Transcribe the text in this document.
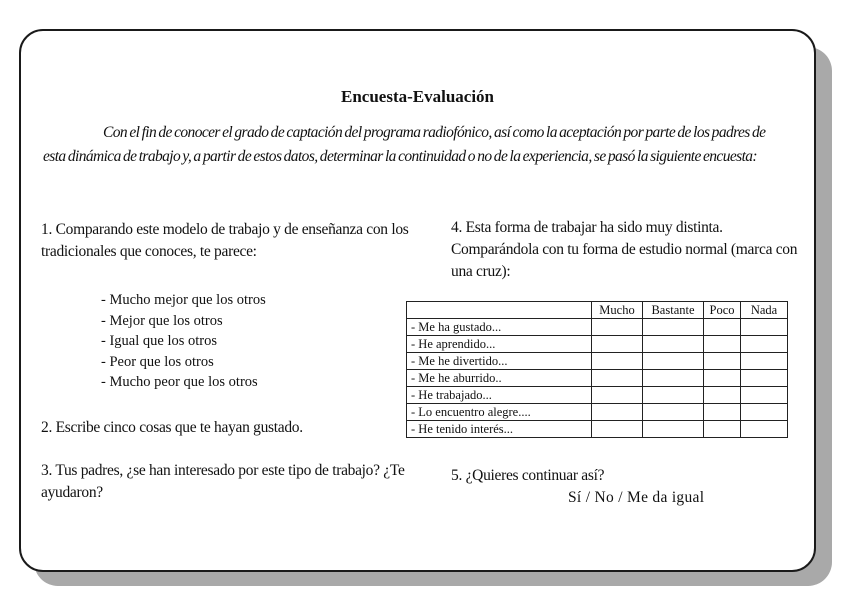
Encuesta-Evaluación

Con el fin de conocer el grado de captación del programa radiofónico, así como la aceptación por parte de los padres de esta dinámica de trabajo y, a partir de estos datos, determinar la continuidad o no de la experiencia, se pasó la siguiente encuesta:

1. Comparando este modelo de trabajo y de enseñanza con los tradicionales que conoces, te parece:

- Mucho mejor que los otros
- Mejor que los otros
- Igual que los otros
- Peor que los otros
- Mucho peor que los otros

2. Escribe cinco cosas que te hayan gustado.

3. Tus padres, ¿se han interesado por este tipo de trabajo? ¿Te ayudaron?

4. Esta forma de trabajar ha sido muy distinta. Comparándola con tu forma de estudio normal (marca con una cruz):

	Mucho	Bastante	Poco	Nada
- Me ha gustado...				
- He aprendido...				
- Me he divertido...				
- Me he aburrido..				
- He trabajado...				
- Lo encuentro alegre....				
- He tenido interés...				

5. ¿Quieres continuar así?
Sí / No / Me da igual
